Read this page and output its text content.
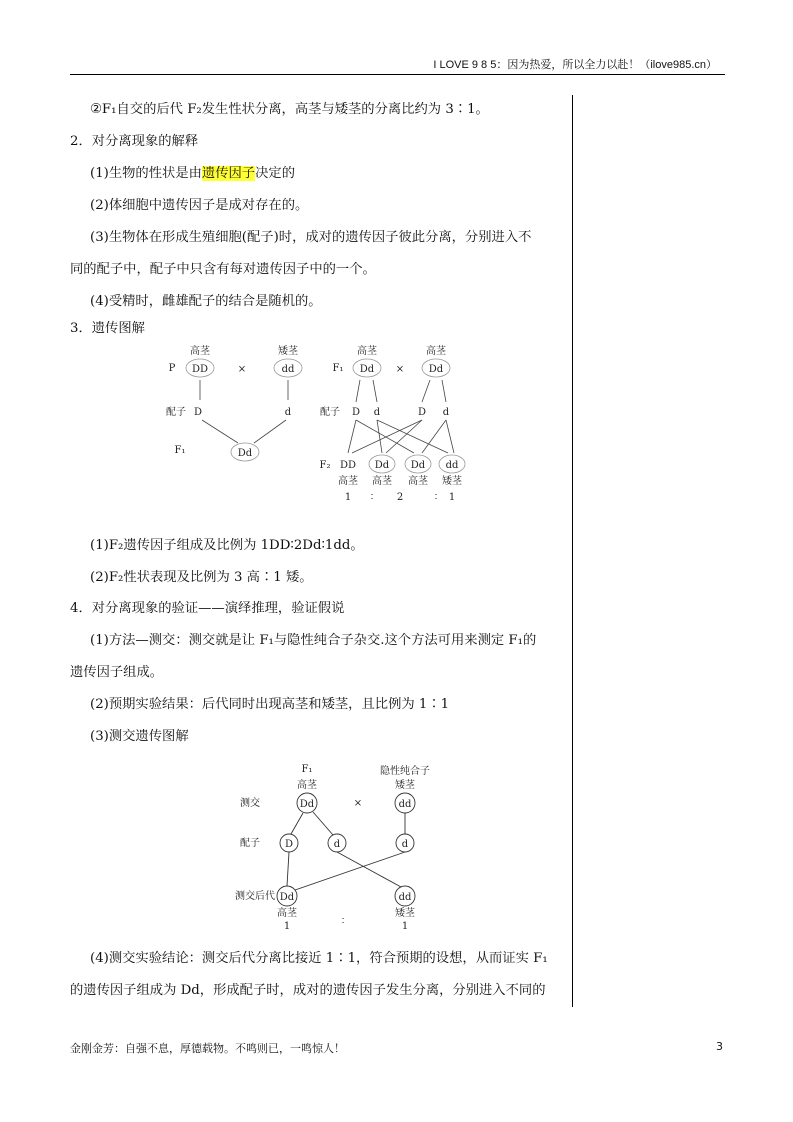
I LOVE 9 8 5：因为热爱，所以全力以赴！（ilove985.cn）
②F₁自交的后代 F₂发生性状分离，高茎与矮茎的分离比约为 3∶1。
2．对分离现象的解释
(1)生物的性状是由遗传因子决定的
(2)体细胞中遗传因子是成对存在的。
(3)生物体在形成生殖细胞(配子)时，成对的遗传因子彼此分离，分别进入不
同的配子中，配子中只含有每对遗传因子中的一个。
(4)受精时，雌雄配子的结合是随机的。
3．遗传图解
高茎	矮茎	高茎	高茎
P DD	×	dd	F₁ Dd × Dd
配子 D	d	配子 D d	D d
F₁	Dd
F₂ DD Dd Dd dd
高茎 高茎 高茎 矮茎
1 ∶ 2	∶ 1
(1)F₂遗传因子组成及比例为 1DD∶2Dd∶1dd。
(2)F₂性状表现及比例为 3 高∶1 矮。
4．对分离现象的验证——演绎推理，验证假说
(1)方法—测交：测交就是让 F₁与隐性纯合子杂交.这个方法可用来测定 F₁的
遗传因子组成。
(2)预期实验结果：后代同时出现高茎和矮茎，且比例为 1∶1
(3)测交遗传图解
F₁
高茎
隐性纯合子
矮茎
测交	Dd	×	dd
配子 D	d	d
测交后代 Dd	dd
高茎	矮茎
1	∶	1
(4)测交实验结论：测交后代分离比接近 1∶1，符合预期的设想，从而证实 F₁
的遗传因子组成为 Dd，形成配子时，成对的遗传因子发生分离，分别进入不同的
金刚金芳：自强不息，厚德载物。不鸣则已，一鸣惊人！	3
